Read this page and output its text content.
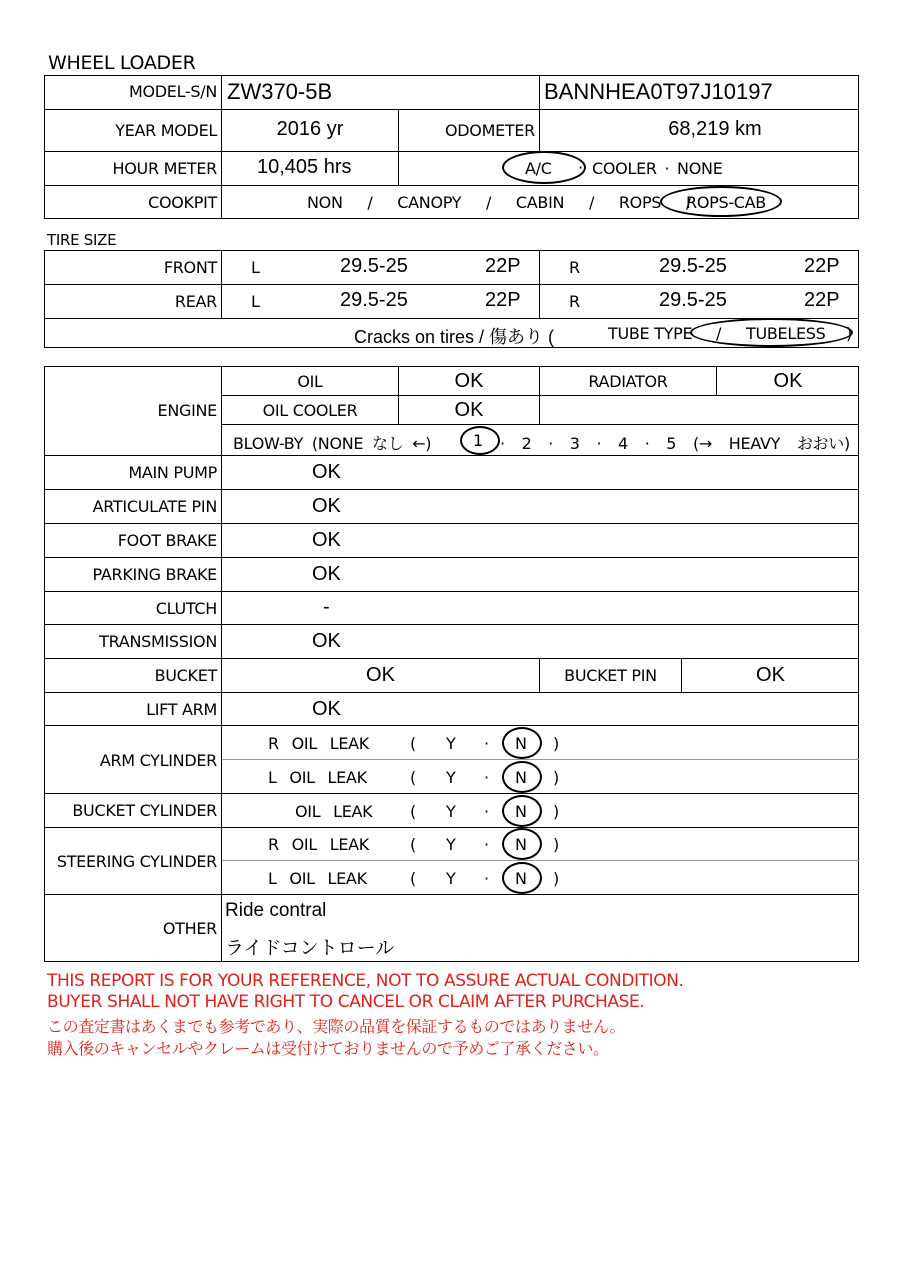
WHEEL LOADER
MODEL-S/N ZW370-5B	BANNHEA0T97J10197
YEAR MODEL	2016 yr	ODOMETER	68,219 km
HOUR METER 10,405 hrs	A/C · COOLER · NONE
COOKPIT	NON / CANOPY / CABIN / ROPS /
ROPS-CAB
TIRE SIZE
FRONT L	29.5-25	22P	R	29.5-25	22P
REAR L	29.5-25	22P	R	29.5-25	22P
Cracks on tires / 傷あり (	TUBE TYPE / TUBELESS )
ENGINE
OIL	OK	RADIATOR	OK
OIL COOLER	OK
BLOW-BY (NONE なし ←)	1 · 2 · 3 · 4 · 5 (→ HEAVY おおい)
MAIN PUMP	OK
ARTICULATE PIN	OK
FOOT BRAKE	OK
PARKING BRAKE	OK
CLUTCH	-
TRANSMISSION	OK
BUCKET	OK	BUCKET PIN	OK
LIFT ARM	OK
ARM CYLINDER
R OIL LEAK	( Y · N )
L OIL LEAK	( Y · N )
BUCKET CYLINDER	OIL LEAK ( Y · N )
STEERING CYLINDER
R OIL LEAK	( Y · N )
L OIL LEAK	( Y · N )
OTHER
Ride contral
ライドコントロール
THIS REPORT IS FOR YOUR REFERENCE, NOT TO ASSURE ACTUAL CONDITION.
BUYER SHALL NOT HAVE RIGHT TO CANCEL OR CLAIM AFTER PURCHASE.
この査定書はあくまでも参考であり、実際の品質を保証するものではありません。
購入後のキャンセルやクレームは受付けておりませんので予めご了承ください。
